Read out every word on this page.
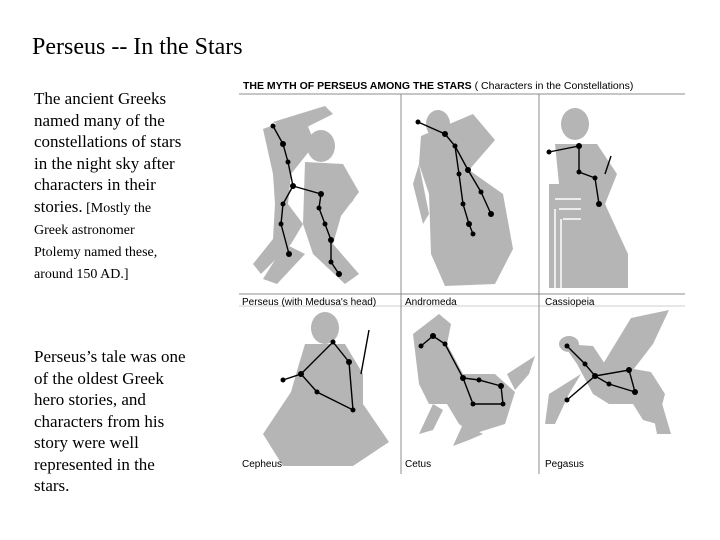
Perseus -- In the Stars
The ancient Greeks named many of the constellations of stars in the night sky after characters in their stories. [Mostly the Greek astronomer Ptolemy named these, around 150 AD.]
Perseus’s tale was one of the oldest Greek hero stories, and characters from his story were well represented in the stars.
THE MYTH OF PERSEUS AMONG THE STARS ( Characters in the Constellations)
Perseus (with Medusa's head)	Andromeda	Cassiopeia
Cepheus	Cetus	Pegasus
